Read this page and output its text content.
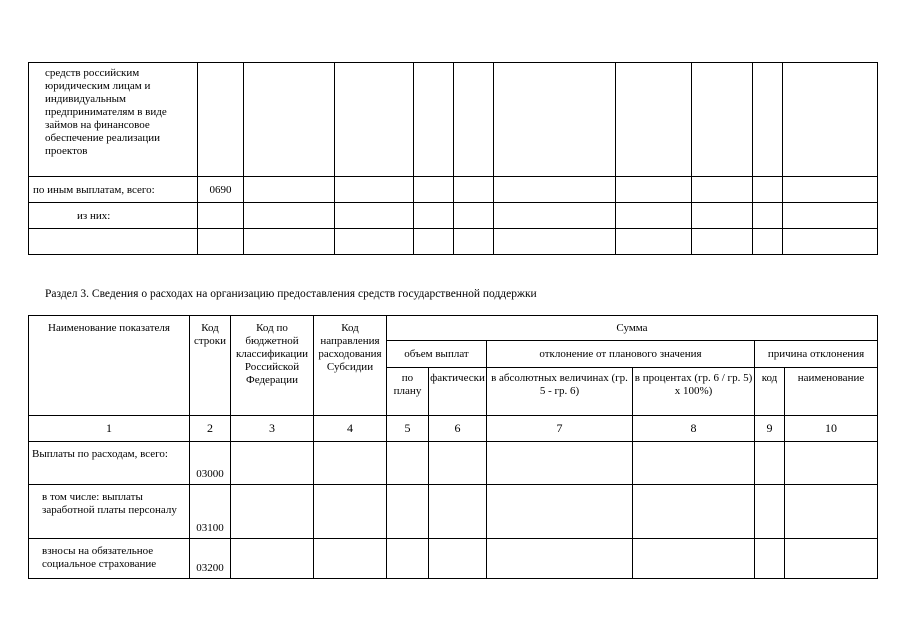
средств российским юридическим лицам и индивидуальным предпринимателям в виде займов на финансовое обеспечение реализации проектов										
по иным выплатам, всего:	0690									
из них:										

Раздел 3. Сведения о расходах на организацию предоставления средств государственной поддержки

Наименование показателя	Код строки	Код по бюджетной классификации Российской Федерации	Код направления расходования Субсидии	Сумма					
				объем выплат		отклонение от планового значения		причина отклонения	
				по плану	фактически	в абсолютных величинах (гр. 5 - гр. 6)	в процентах (гр. 6 / гр. 5) x 100%)	код	наименование
1	2	3	4	5	6	7	8	9	10
Выплаты по расходам, всего:	03000								
в том числе: выплаты заработной платы персоналу	03100								
взносы на обязательное социальное страхование	03200								
